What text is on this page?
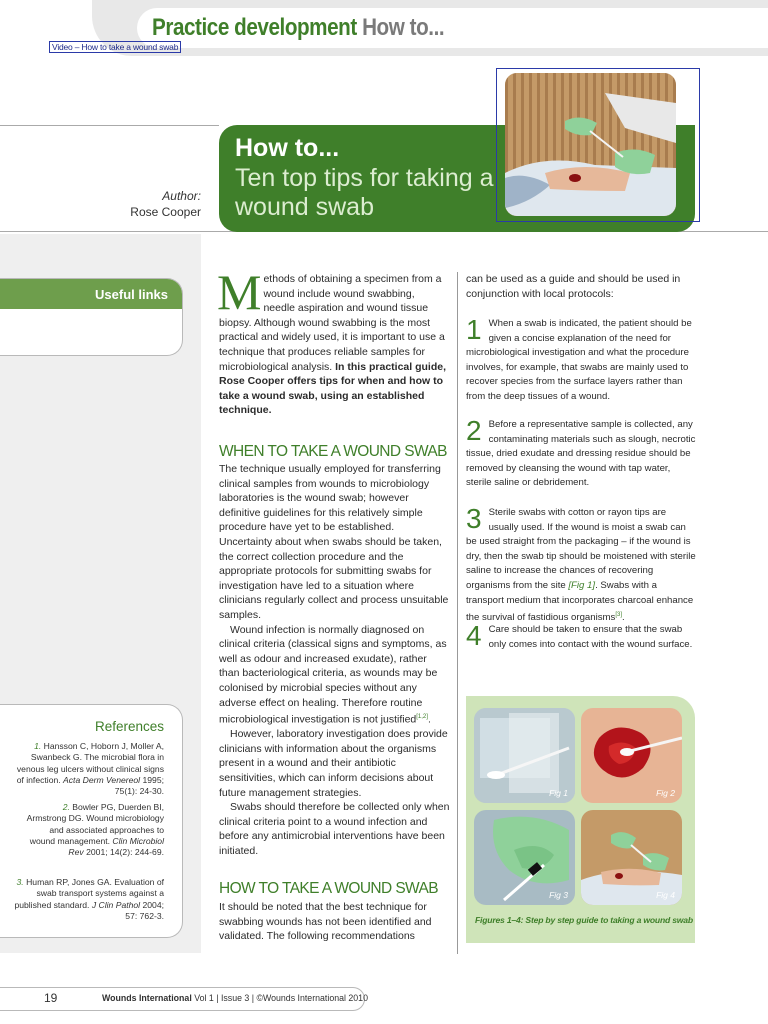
Practice development How to...
How to...
Ten top tips for taking a wound swab
Author:
Rose Cooper
Useful links
Video – How to take a wound swab
References
1. Hansson C, Hoborn J, Moller A, Swanbeck G. The microbial flora in venous leg ulcers without clinical signs of infection. Acta Derm Venereol 1995; 75(1): 24-30.
2. Bowler PG, Duerden BI, Armstrong DG. Wound microbiology and associated approaches to wound management. Clin Microbiol Rev 2001; 14(2): 244-69.
3. Human RP, Jones GA. Evaluation of swab transport systems against a published standard. J Clin Pathol 2004; 57: 762-3.
Methods of obtaining a specimen from a wound include wound swabbing, needle aspiration and wound tissue biopsy. Although wound swabbing is the most practical and widely used, it is important to use a technique that produces reliable samples for microbiological analysis. In this practical guide, Rose Cooper offers tips for when and how to take a wound swab, using an established technique.
WHEN TO TAKE A WOUND SWAB

The technique usually employed for transferring clinical samples from wounds to microbiology laboratories is the wound swab; however definitive guidelines for this relatively simple procedure have yet to be established. Uncertainty about when swabs should be taken, the correct collection procedure and the appropriate protocols for submitting swabs for investigation have led to a situation where clinicians regularly collect and process unsuitable samples.

Wound infection is normally diagnosed on clinical criteria (classical signs and symptoms, as well as odour and increased exudate), rather than bacteriological criteria, as wounds may be colonised by microbial species without any adverse effect on healing. Therefore routine microbiological investigation is not justified[1,2].

However, laboratory investigation does provide clinicians with information about the organisms present in a wound and their antibiotic sensitivities, which can inform decisions about future management strategies.

Swabs should therefore be collected only when clinical criteria point to a wound infection and before any antimicrobial interventions have been initiated.

HOW TO TAKE A WOUND SWAB
It should be noted that the best technique for swabbing wounds has not been identified and validated. The following recommendations
can be used as a guide and should be used in conjunction with local protocols:
1 When a swab is indicated, the patient should be given a concise explanation of the need for microbiological investigation and what the procedure involves, for example, that swabs are mainly used to recover species from the surface layers rather than from the deep tissues of a wound.
2 Before a representative sample is collected, any contaminating materials such as slough, necrotic tissue, dried exudate and dressing residue should be removed by cleansing the wound with tap water, sterile saline or debridement.
3 Sterile swabs with cotton or rayon tips are usually used. If the wound is moist a swab can be used straight from the packaging – if the wound is dry, then the swab tip should be moistened with sterile saline to increase the chances of recovering organisms from the site [Fig 1]. Swabs with a transport medium that incorporates charcoal enhance the survival of fastidious organisms[3].
4 Care should be taken to ensure that the swab only comes into contact with the wound surface.
Fig 1	Fig 2
Fig 3	Fig 4
Figures 1–4: Step by step guide to taking a wound swab
19	Wounds International Vol 1 | Issue 3 | ©Wounds International 2010
